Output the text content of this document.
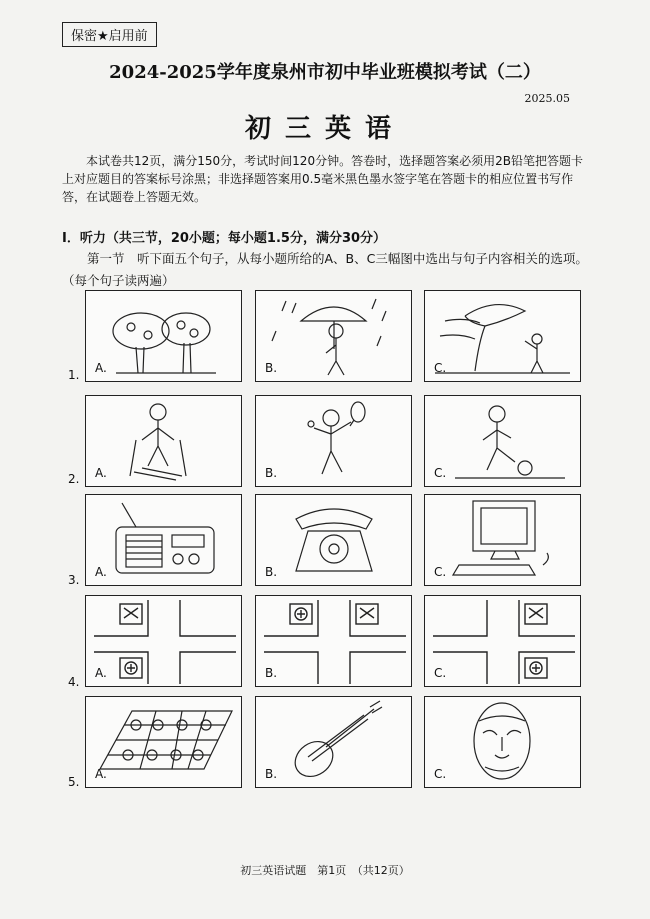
保密★启用前
2024-2025学年度泉州市初中毕业班模拟考试（二）
2025.05
初三英语
本试卷共12页，满分150分，考试时间120分钟。答卷时，选择题答案必须用2B铅笔把答题卡上对应题目的答案标号涂黑；非选择题答案用0.5毫米黑色墨水签字笔在答题卡的相应位置书写作答，在试题卷上答题无效。
Ⅰ．听力（共三节，20小题；每小题1.5分，满分30分）
第一节　听下面五个句子，从每小题所给的A、B、C三幅图中选出与句子内容相关的选项。（每个句子读两遍）
1. A.	B.	C.
2. A.	B.	C.
3.
A.	B.	C.
4.
A.	B.	C.
5.
A.	B.	C.
初三英语试题　第1页　（共12页）
